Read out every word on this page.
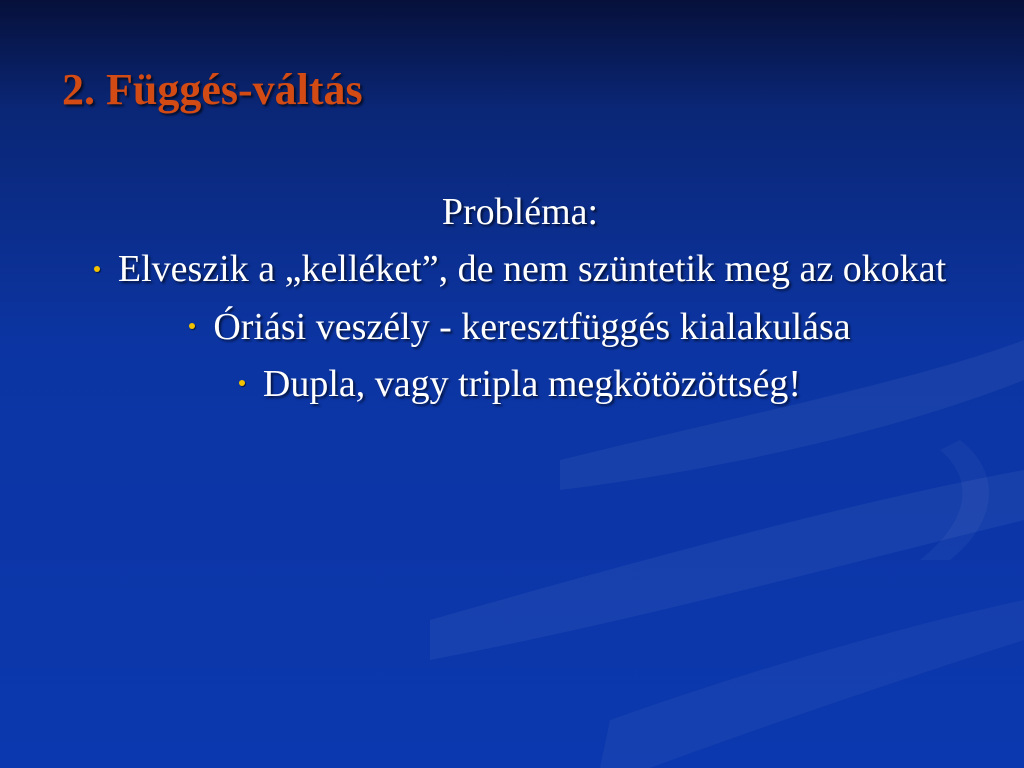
2. Függés-váltás

Probléma:

Elveszik a „kelléket”, de nem szüntetik meg az okokat
Óriási veszély - keresztfüggés kialakulása
Dupla, vagy tripla megkötözöttség!
